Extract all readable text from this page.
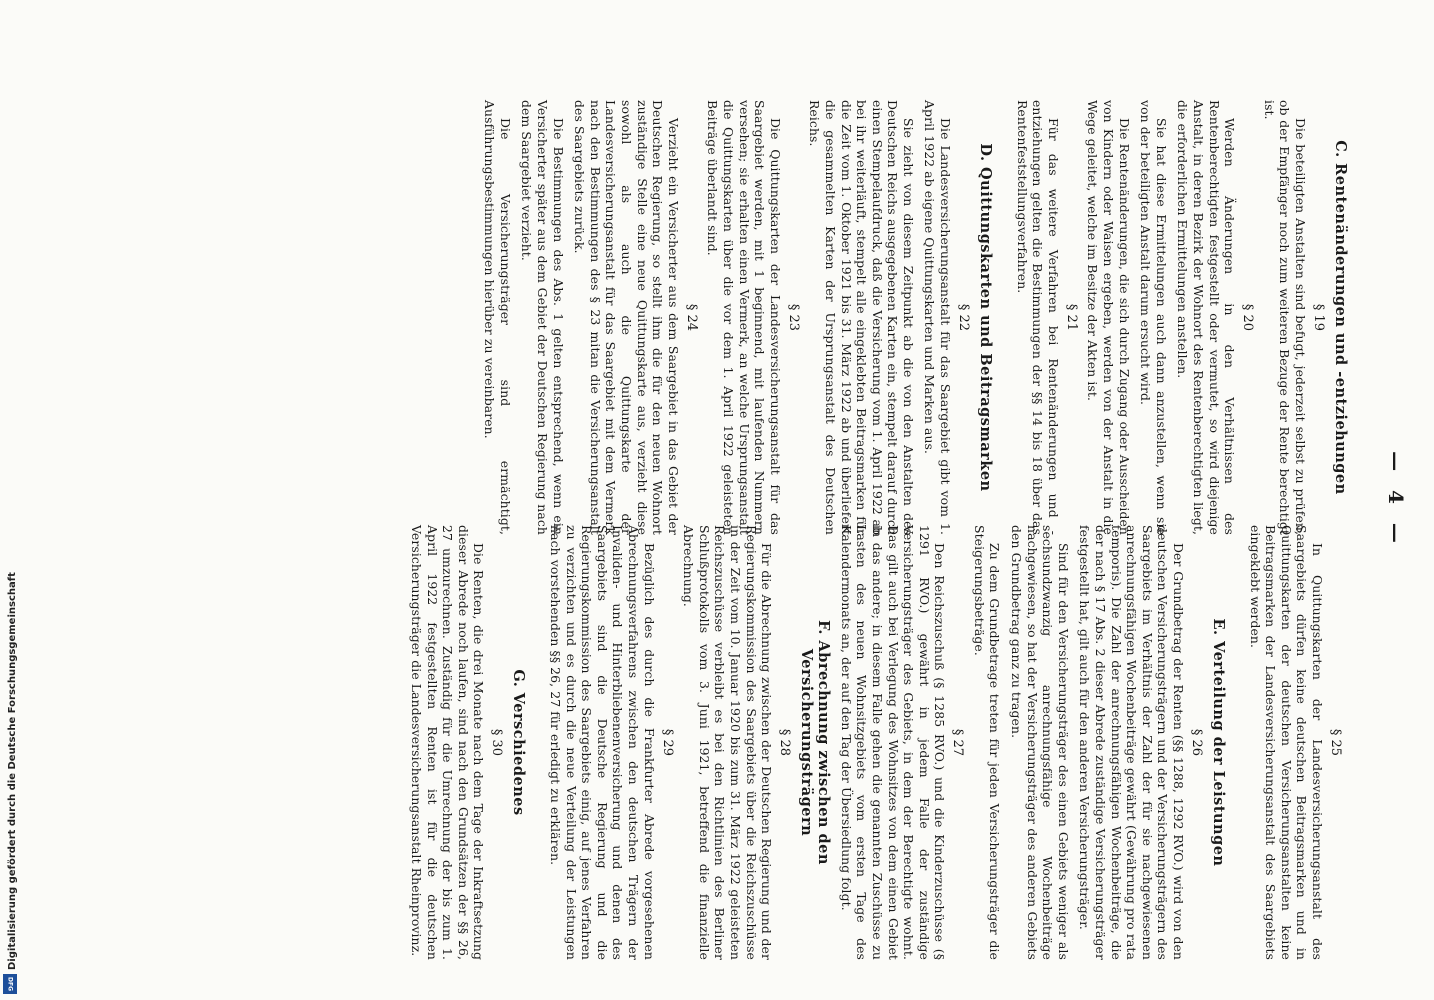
— 4 —
C. Rentenänderungen und -entziehungen
§ 19

Die beteiligten Anstalten sind befugt, jederzeit selbst zu prüfen, ob der Empfänger noch zum weiteren Bezuge der Rente berechtigt ist.

§ 20

Werden Änderungen in den Verhältnissen des Rentenberechtigten festgestellt oder vermutet, so wird diejenige Anstalt, in deren Bezirk der Wohnort des Rentenberechtigten liegt, die erforderlichen Ermittelungen anstellen.

Sie hat diese Ermittelungen auch dann anzustellen, wenn sie von der beteiligten Anstalt darum ersucht wird.

Die Rentenänderungen, die sich durch Zugang oder Ausscheiden von Kindern oder Waisen ergeben, werden von der Anstalt in die Wege geleitet, welche im Besitze der Akten ist.

§ 21

Für das weitere Verfahren bei Rentenänderungen und -entziehungen gelten die Bestimmungen der §§ 14 bis 18 über das Rentenfeststellungsverfahren.

D. Quittungskarten und Beitragsmarken
§ 22

Die Landesversicherungsanstalt für das Saargebiet gibt vom 1. April 1922 ab eigene Quittungskarten und Marken aus.

Sie zieht von diesem Zeitpunkt ab die von den Anstalten des Deutschen Reichs ausgegebenen Karten ein, stempelt darauf durch einen Stempelaufdruck, daß die Versicherung vom 1. April 1922 ab bei ihr weiterläuft, stempelt alle eingeklebten Beitragsmarken für die Zeit vom 1. Oktober 1921 bis 31. März 1922 ab und überliefert die gesammelten Karten der Ursprungsanstalt des Deutschen Reichs.

§ 23

Die Quittungskarten der Landesversicherungsanstalt für das Saargebiet werden, mit 1 beginnend, mit laufenden Nummern versehen; sie erhalten einen Vermerk, an welche Ursprungsanstalt die Quittungskarten über die vor dem 1. April 1922 geleisteten Beiträge überlandt sind.

§ 24

Verzieht ein Versicherter aus dem Saargebiet in das Gebiet der Deutschen Regierung, so stellt ihm die für den neuen Wohnort zuständige Stelle eine neue Quittungskarte aus, verzieht diese sowohl als auch die Quittungskarte der Landesversicherungsanstalt für das Saargebiet mit dem Vermerk nach den Bestimmungen des § 23 mitan die Versicherungsanstalt des Saargebiets zurück.

Die Bestimmungen des Abs. 1 gelten entsprechend, wenn ein Versicherter später aus dem Gebiet der Deutschen Regierung nach dem Saargebiet verzieht.

Die Versicherungsträger sind ermächtigt, Ausführungsbestimmungen hierüber zu vereinbaren.

§ 25

In Quittungskarten der Landesversicherungsanstalt des Saargebiets dürfen keine deutschen Beitragsmarken und in Quittungskarten der deutschen Versicherungsanstalten keine Beitragsmarken der Landesversicherungsanstalt des Saargebiets eingeklebt werden.

E. Verteilung der Leistungen
§ 26

Der Grundbetrag der Renten (§§ 1288, 1292 RVO.) wird von den deutschen Versicherungsträgern und der Versicherungsträgern des Saargebiets im Verhältnis der Zahl der für sie nachgewiesenen anrechnungsfähigen Wochenbeiträge gewährt (Gewährung pro rata temporis). Die Zahl der anrechnungsfähigen Wochenbeiträge, die der nach § 17 Abs. 2 dieser Abrede zuständige Versicherungsträger festgestellt hat, gilt auch für den anderen Versicherungsträger.

Sind für den Versicherungsträger des einen Gebiets weniger als sechsundzwanzig anrechnungsfähige Wochenbeiträge nachgewiesen, so hat der Versicherungsträger des anderen Gebiets den Grundbetrag ganz zu tragen.

Zu dem Grundbetrage treten für jeden Versicherungsträger die Steigerungsbeträge.

§ 27

Den Reichszuschuß (§ 1285 RVO.) und die Kinderzuschüsse (§ 1291 RVO.) gewährt in jedem Falle der zuständige Versicherungsträger des Gebiets, in dem der Berechtigte wohnt. Das gilt auch bei Verlegung des Wohnsitzes von dem einen Gebiet in das andere; in diesem Falle gehen die genannten Zuschüsse zu Lasten des neuen Wohnsitzgebiets vom ersten Tage des Kalendermonats an, der auf den Tag der Übersiedlung folgt.

F. Abrechnung zwischen den Versicherungsträgern
§ 28

Für die Abrechnung zwischen der Deutschen Regierung und der Regierungskommission des Saargebiets über die Reichszuschüsse in der Zeit vom 10. Januar 1920 bis zum 31. März 1922 geleisteten Reichszuschüsse verbleibt es bei den Richtlinien des Berliner Schlußprotokolls vom 3. Juni 1921, betreffend die finanzielle Abrechnung.

§ 29

Bezüglich des durch die Frankfurter Abrede vorgesehenen Abrechnungsverfahrens zwischen den deutschen Trägern der Invaliden- und Hinterbliebenenversicherung und denen des Saargebiets sind die Deutsche Regierung und die Regierungskommission des Saargebiets einig, auf jenes Verfahren zu verzichten und es durch die neue Verteilung der Leistungen nach vorstehenden §§ 26, 27 für erledigt zu erklären.

G. Verschiedenes
§ 30

Die Renten, die drei Monate nach dem Tage der Inkraftsetzung dieser Abrede noch laufen, sind nach den Grundsätzen der §§ 26, 27 umzurechnen. Zuständig für die Umrechnung der bis zum 1. April 1922 festgestellten Renten ist für die deutschen Versicherungsträger die Landesversicherungsanstalt Rheinprovinz.

Digitalisierung gefördert durch die Deutsche Forschungsgemeinschaft
DFG
